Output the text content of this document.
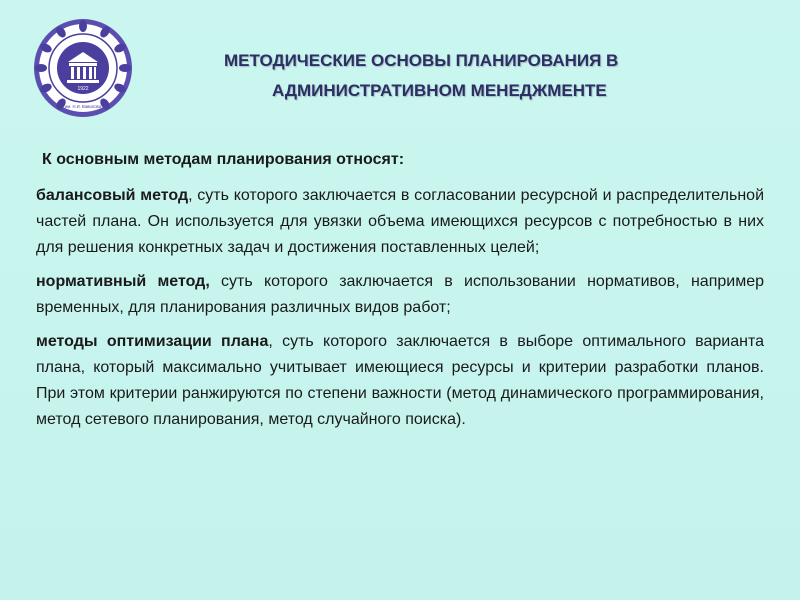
1922
им. Н.И. Вавилова
МЕТОДИЧЕСКИЕ ОСНОВЫ ПЛАНИРОВАНИЯ В
АДМИНИСТРАТИВНОМ МЕНЕДЖМЕНТЕ

К основным методам планирования относят:

балансовый метод, суть которого заключается в согласовании ресурсной и распределительной частей плана. Он используется для увязки объема имеющихся ресурсов с потребностью в них для решения конкретных задач и достижения поставленных целей;

нормативный метод, суть которого заключается в использовании нормативов, например временных, для планирования различных видов работ;

методы оптимизации плана, суть которого заключается в выборе оптимального варианта плана, который максимально учитывает имеющиеся ресурсы и критерии разработки планов. При этом критерии ранжируются по степени важности (метод динамического программирования, метод сетевого планирования, метод случайного поиска).
